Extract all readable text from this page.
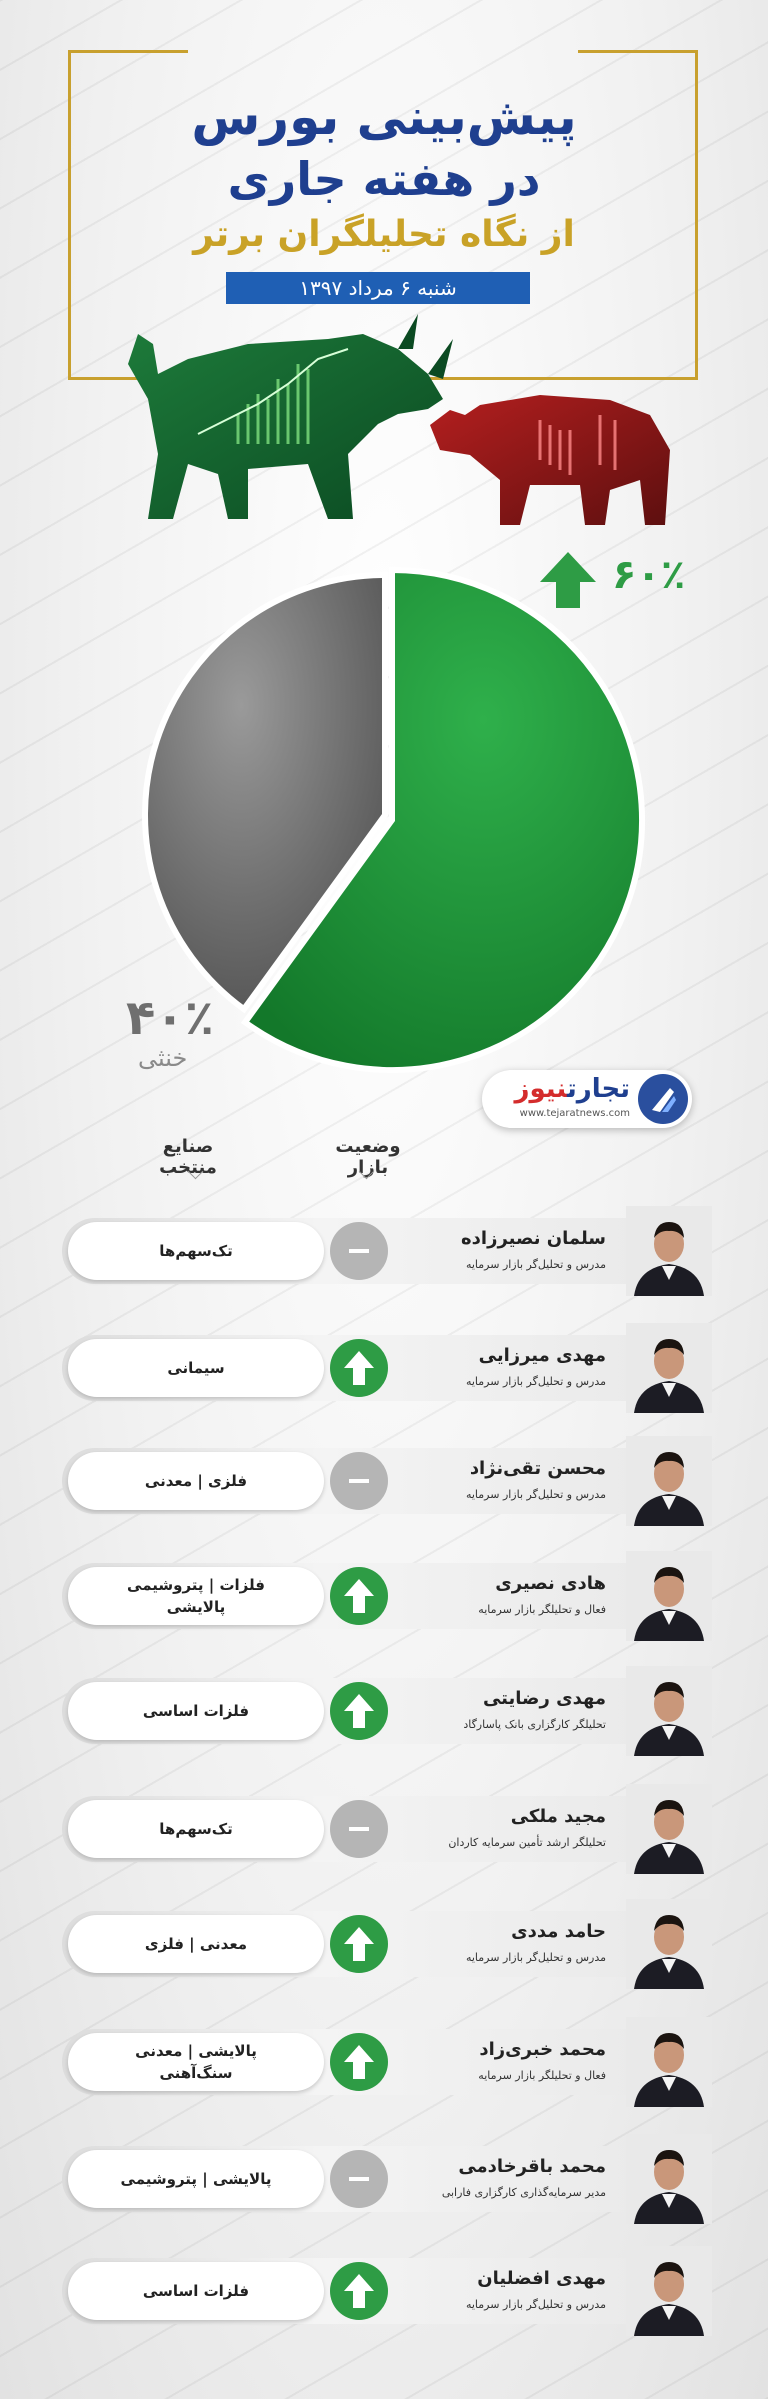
پیش‌بینی بورس
در هفته جاری
از نگاه تحلیلگران برتر
شنبه ۶ مرداد ۱۳۹۷
۶۰٪
۴۰٪
خنثی
تجارتنیوز
www.tejaratnews.com
وضعیت بازار
صنایع منتخب
تک‌سهم‌ها
سلمان نصیرزاده
مدرس و تحلیل‌گر بازار سرمایه
سیمانی
مهدی میرزایی
مدرس و تحلیل‌گر بازار سرمایه
فلزی | معدنی
محسن تقی‌نژاد
مدرس و تحلیل‌گر بازار سرمایه
فلزات | پتروشیمی
پالایشی
هادی نصیری
فعال و تحلیلگر بازار سرمایه
فلزات اساسی
مهدی رضایتی
تحلیلگر کارگزاری بانک پاسارگاد
تک‌سهم‌ها
مجید ملکی
تحلیلگر ارشد تأمین سرمایه کاردان
معدنی | فلزی
حامد مددی
مدرس و تحلیل‌گر بازار سرمایه
پالایشی | معدنی
سنگ‌آهنی
محمد خبری‌زاد
فعال و تحلیلگر بازار سرمایه
پالایشی | پتروشیمی
محمد باقرخادمی
مدیر سرمایه‌گذاری کارگزاری فارابی
فلزات اساسی
مهدی افضلیان
مدرس و تحلیل‌گر بازار سرمایه
